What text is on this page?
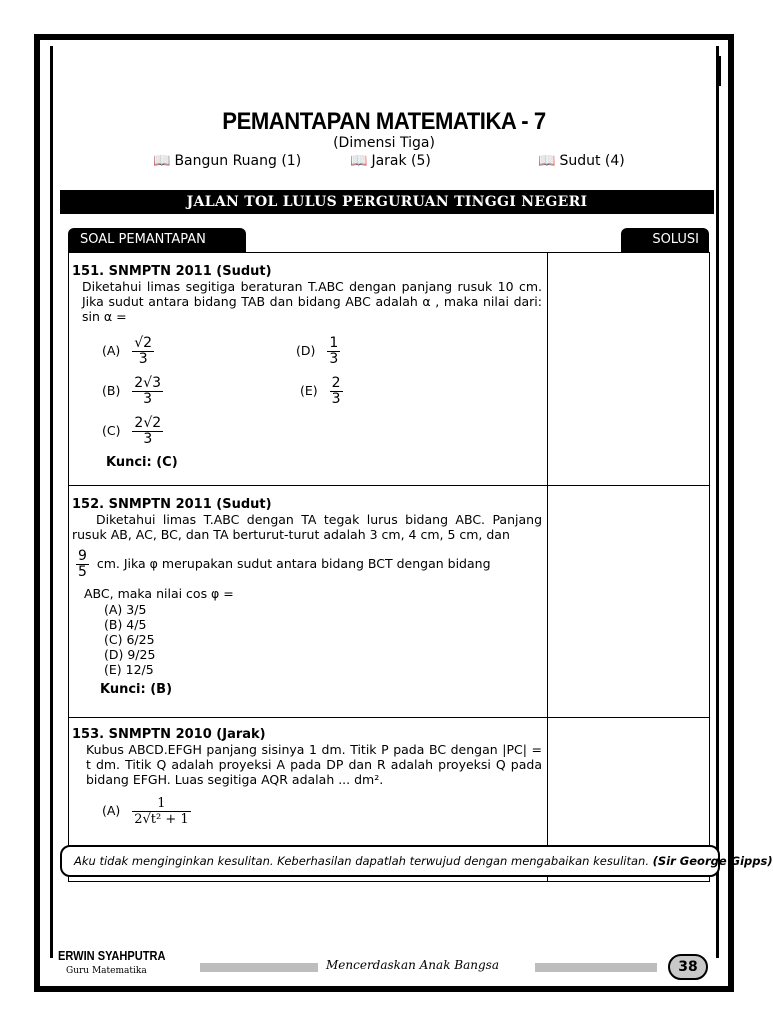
PEMANTAPAN MATEMATIKA - 7
(Dimensi Tiga)
📖 Bangun Ruang (1)	📖 Jarak (5)	📖 Sudut (4)
JALAN TOL LULUS PERGURUAN TINGGI NEGERI
SOAL PEMANTAPAN	SOLUSI
151. SNMPTN 2011 (Sudut)
Diketahui limas segitiga beraturan T.ABC dengan panjang rusuk 10 cm. Jika sudut antara bidang TAB dan bidang ABC adalah α , maka nilai dari: sin α =
$(A) \frac{√2}{3}$	$(D) \frac{1}{3}$
$(B) \frac{2√3}{3}$	$(E) \frac{2}{3}$
$(C) \frac{2√2}{3}$
Kunci: (C)
152. SNMPTN 2011 (Sudut)
Diketahui limas T.ABC dengan TA tegak lurus bidang ABC. Panjang rusuk AB, AC, BC, dan TA berturut-turut adalah 3 cm, 4 cm, 5 cm, dan
$\frac{9}{5}$ cm. Jika φ merupakan sudut antara bidang BCT dengan bidang
ABC, maka nilai cos φ =
(A) 3/5
(B) 4/5
(C) 6/25
(D) 9/25
(E) 12/5
Kunci: (B)
153. SNMPTN 2010 (Jarak)
Kubus ABCD.EFGH panjang sisinya 1 dm. Titik P pada BC dengan |PC| = t dm. Titik Q adalah proyeksi A pada DP dan R adalah proyeksi Q pada bidang EFGH. Luas segitiga AQR adalah ... dm².
$(A) \frac{1}{\text{2√t² + 1}}$
Aku tidak menginginkan kesulitan. Keberhasilan dapatlah terwujud dengan mengabaikan kesulitan. (Sir George Gipps)
ERWIN SYAHPUTRA
Guru Matematika	Mencerdaskan Anak Bangsa	38
